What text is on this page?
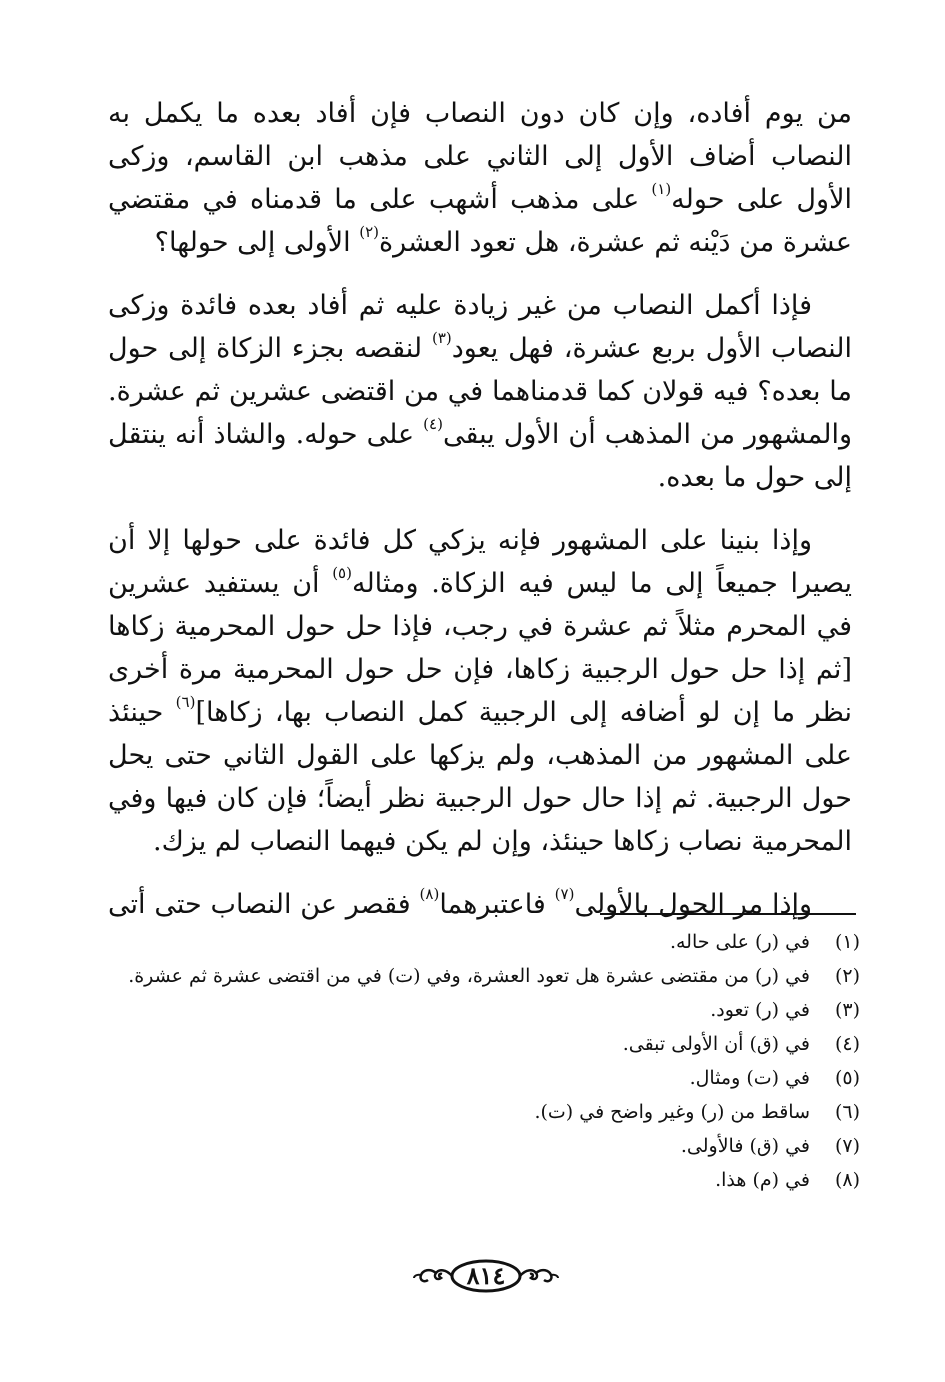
من يوم أفاده، وإن كان دون النصاب فإن أفاد بعده ما يكمل به النصاب أضاف الأول إلى الثاني على مذهب ابن القاسم، وزكى الأول على حوله$^{(١)}$ على مذهب أشهب على ما قدمناه في مقتضي عشرة من دَيْنه ثم عشرة، هل تعود العشرة$^{(٢)}$ الأولى إلى حولها؟

فإذا أكمل النصاب من غير زيادة عليه ثم أفاد بعده فائدة وزكى النصاب الأول بربع عشرة، فهل يعود$^{(٣)}$ لنقصه بجزء الزكاة إلى حول ما بعده؟ فيه قولان كما قدمناهما في من اقتضى عشرين ثم عشرة. والمشهور من المذهب أن الأول يبقى$^{(٤)}$ على حوله. والشاذ أنه ينتقل إلى حول ما بعده.

وإذا بنينا على المشهور فإنه يزكي كل فائدة على حولها إلا أن يصيرا جميعاً إلى ما ليس فيه الزكاة. ومثاله$^{(٥)}$ أن يستفيد عشرين في المحرم مثلاً ثم عشرة في رجب، فإذا حل حول المحرمية زكاها [ثم إذا حل حول الرجبية زكاها، فإن حل حول المحرمية مرة أخرى نظر ما إن لو أضافه إلى الرجبية كمل النصاب بها، زكاها]$^{(٦)}$ حينئذ على المشهور من المذهب، ولم يزكها على القول الثاني حتى يحل حول الرجبية. ثم إذا حال حول الرجبية نظر أيضاً؛ فإن كان فيها وفي المحرمية نصاب زكاها حينئذ، وإن لم يكن فيهما النصاب لم يزك.

وإذا مر الحول بالأولى$^{(٧)}$ فاعتبرهما$^{(٨)}$ فقصر عن النصاب حتى أتى

(١)
في (ر) على حاله.
(٢)
في (ر) من مقتضى عشرة هل تعود العشرة، وفي (ت) في من اقتضى عشرة ثم عشرة.
(٣)
في (ر) تعود.
(٤)
في (ق) أن الأولى تبقى.
(٥)
في (ت) ومثال.
(٦)
ساقط من (ر) وغير واضح في (ت).
(٧)
في (ق) فالأولى.
(٨)
في (م) هذا.
٨١٤
